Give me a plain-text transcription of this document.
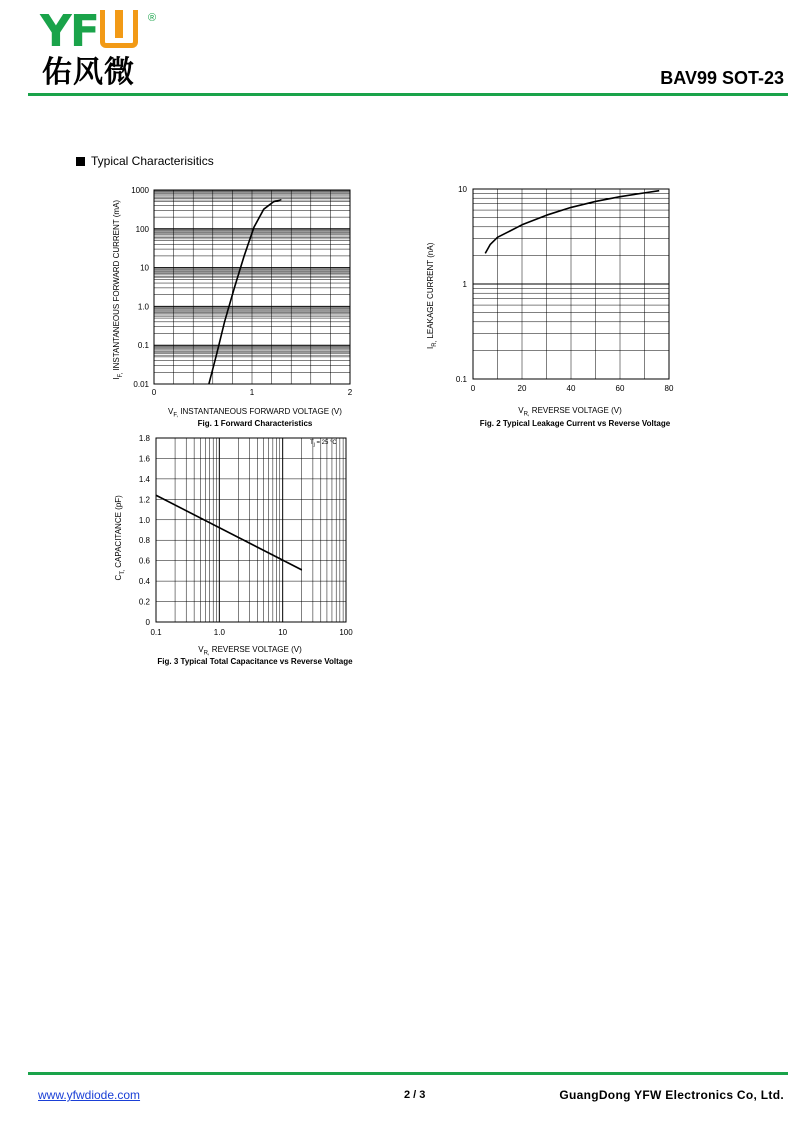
YF	®
佑风微	BAV99 SOT-23
Typical Characterisitics
0.01
0.1
1.0
10
100
1000
0	1	2
$V_{F,}$ INSTANTANEOUS FORWARD VOLTAGE (V)
Fig. 1 Forward Characteristics
$I_{F,}$ INSTANTANEOUS FORWARD CURRENT (mA)
0.1
1
10
0	20	40	60	80
$V_{R,}$ REVERSE VOLTAGE (V)
Fig. 2 Typical Leakage Current vs Reverse Voltage
$I_{R,}$ LEAKAGE CURRENT (nA)
0
0.2
0.4
0.6
0.8
1.0
1.2
1.4
1.6
1.8
0.1	1.0	10	100
$V_{R,}$ REVERSE VOLTAGE (V)
Fig. 3 Typical Total Capacitance vs Reverse Voltage
$C_{T,}$ CAPACITANCE (pF)
$T_j = 25$ °C
www.yfwdiode.com	2 / 3	GuangDong YFW Electronics Co, Ltd.
